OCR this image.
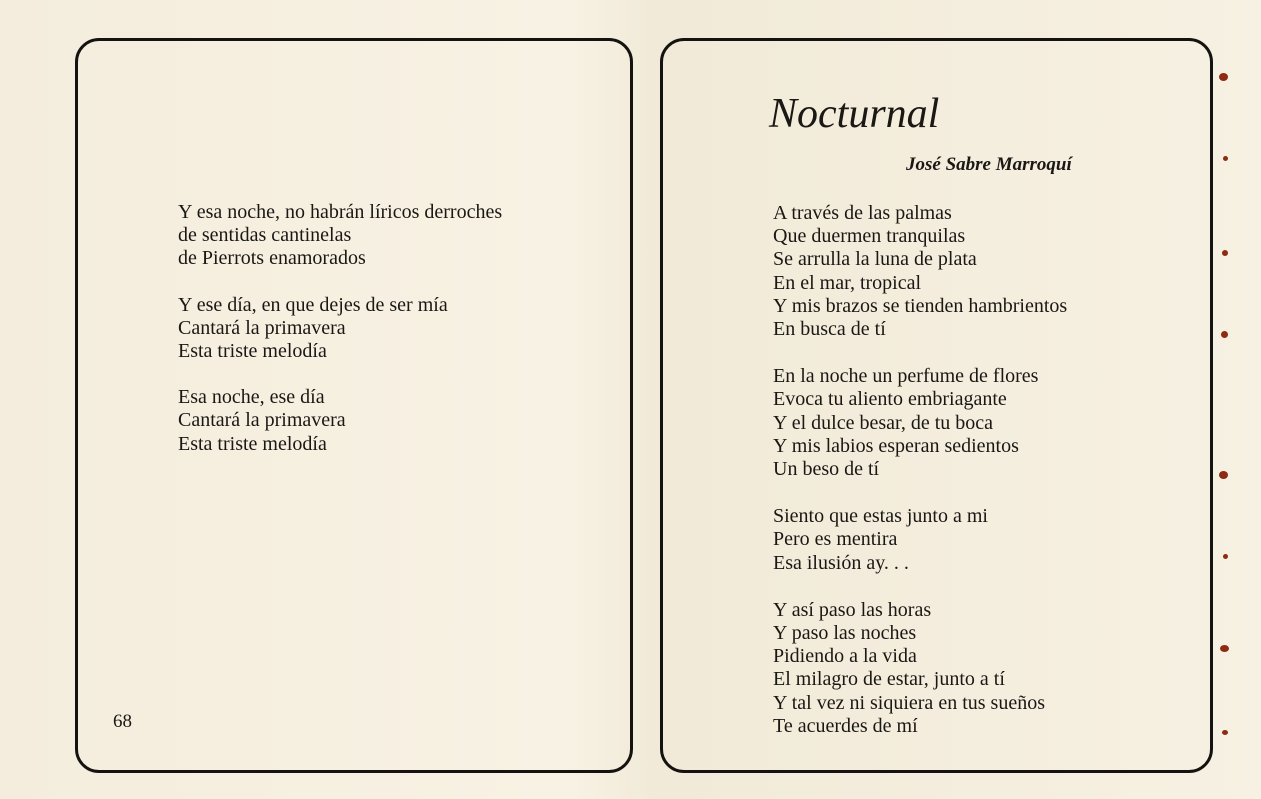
Y esa noche, no habrán líricos derroches
de sentidas cantinelas
de Pierrots enamorados
Y ese día, en que dejes de ser mía
Cantará la primavera
Esta triste melodía
Esa noche, ese día
Cantará la primavera
Esta triste melodía
68
Nocturnal
José Sabre Marroquí
A través de las palmas
Que duermen tranquilas
Se arrulla la luna de plata
En el mar, tropical
Y mis brazos se tienden hambrientos
En busca de tí
En la noche un perfume de flores
Evoca tu aliento embriagante
Y el dulce besar, de tu boca
Y mis labios esperan sedientos
Un beso de tí
Siento que estas junto a mi
Pero es mentira
Esa ilusión ay. . .
Y así paso las horas
Y paso las noches
Pidiendo a la vida
El milagro de estar, junto a tí
Y tal vez ni siquiera en tus sueños
Te acuerdes de mí
